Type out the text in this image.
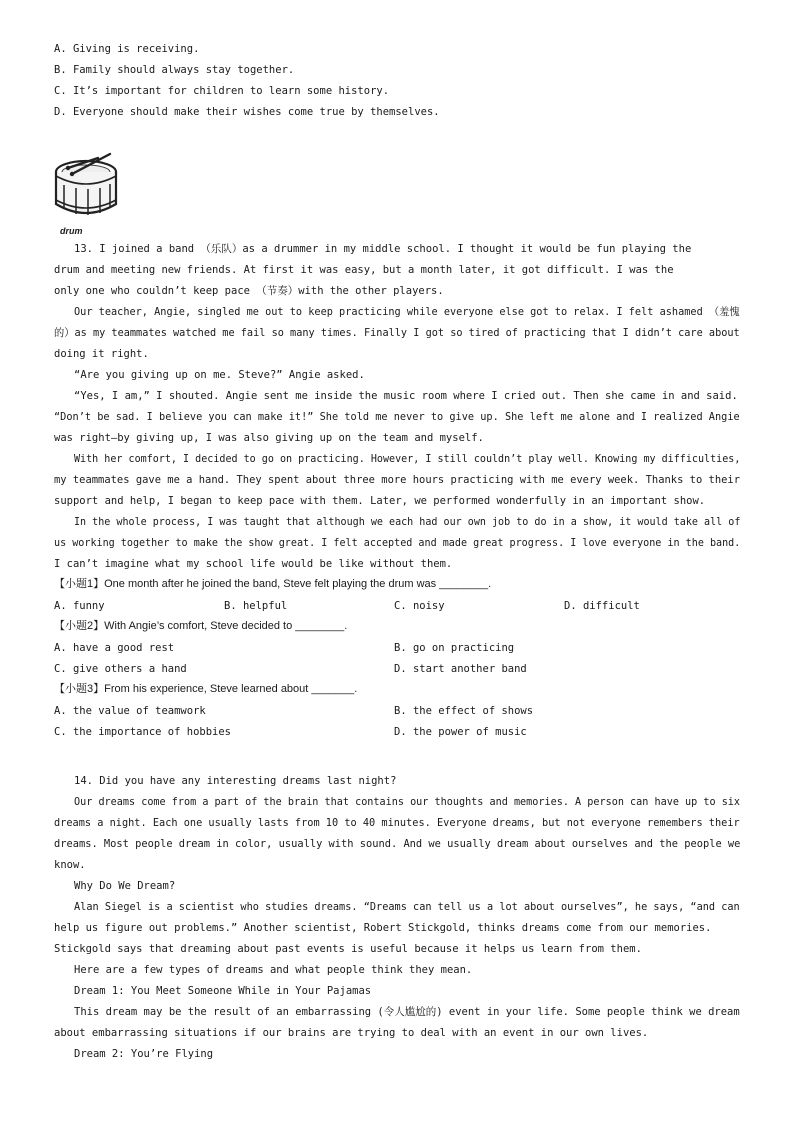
A. Giving is receiving.
B. Family should always stay together.
C. It’s important for children to learn some history.
D. Everyone should make their wishes come true by themselves.
drum
13. I joined a band （乐队）as a drummer in my middle school. I thought it would be fun playing the
drum and meeting new friends. At first it was easy, but a month later, it got difficult. I was the
only one who couldn’t keep pace （节奏）with the other players.
Our teacher, Angie, singled me out to keep practicing while everyone else got to relax. I felt ashamed （羞愧
的）as my teammates watched me fail so many times. Finally I got so tired of practicing that I didn’t care about
doing it right.
“Are you giving up on me. Steve?” Angie asked.
“Yes, I am,” I shouted. Angie sent me inside the music room where I cried out. Then she came in and said.
“Don’t be sad. I believe you can make it!” She told me never to give up. She left me alone and I realized Angie
was right—by giving up, I was also giving up on the team and myself.
With her comfort, I decided to go on practicing. However, I still couldn’t play well. Knowing my difficulties,
my teammates gave me a hand. They spent about three more hours practicing with me every week. Thanks to their
support and help, I began to keep pace with them. Later, we performed wonderfully in an important show.
In the whole process, I was taught that although we each had our own job to do in a show, it would take all of
us working together to make the show great. I felt accepted and made great progress. I love everyone in the band.
I can’t imagine what my school life would be like without them.
【小题1】One month after he joined the band, Steve felt playing the drum was ________.
A. funny	B. helpful	C. noisy	D. difficult
【小题2】With Angie’s comfort, Steve decided to ________.
A. have a good rest	B. go on practicing
C. give others a hand	D. start another band
【小题3】From his experience, Steve learned about _______.
A. the value of teamwork	B. the effect of shows
C. the importance of hobbies	D. the power of music
14. Did you have any interesting dreams last night?
Our dreams come from a part of the brain that contains our thoughts and memories. A person can have up to six
dreams a night. Each one usually lasts from 10 to 40 minutes. Everyone dreams, but not everyone remembers their
dreams. Most people dream in color, usually with sound. And we usually dream about ourselves and the people we
know.
Why Do We Dream?
Alan Siegel is a scientist who studies dreams. “Dreams can tell us a lot about ourselves”, he says, “and can
help us figure out problems.” Another scientist, Robert Stickgold, thinks dreams come from our memories.
Stickgold says that dreaming about past events is useful because it helps us learn from them.
Here are a few types of dreams and what people think they mean.
Dream 1: You Meet Someone While in Your Pajamas
This dream may be the result of an embarrassing (令人尴尬的) event in your life. Some people think we dream
about embarrassing situations if our brains are trying to deal with an event in our own lives.
Dream 2: You’re Flying
